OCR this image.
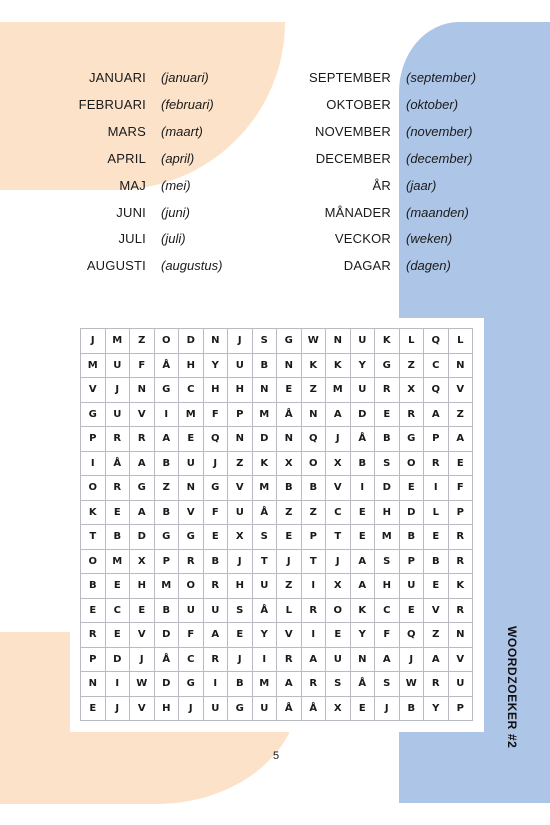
JANUARI (januari)
FEBRUARI (februari)
MARS (maart)
APRIL (april)
MAJ (mei)
JUNI (juni)
JULI (juli)
AUGUSTI (augustus)
SEPTEMBER (september)
OKTOBER (oktober)
NOVEMBER (november)
DECEMBER (december)
ÅR (jaar)
MÅNADER (maanden)
VECKOR (weken)
DAGAR (dagen)
J	M	Z	O	D	N	J	S	G	W	N	U	K	L	Q	L
M	U	F	Å	H	Y	U	B	N	K	K	Y	G	Z	C	N
V	J	N	G	C	H	H	N	E	Z	M	U	R	X	Q	V
G	U	V	I	M	F	P	M	Å	N	A	D	E	R	A	Z
P	R	R	A	E	Q	N	D	N	Q	J	Å	B	G	P	A
I	Å	A	B	U	J	Z	K	X	O	X	B	S	O	R	E
O	R	G	Z	N	G	V	M	B	B	V	I	D	E	I	F
K	E	A	B	V	F	U	Å	Z	Z	C	E	H	D	L	P
T	B	D	G	G	E	X	S	E	P	T	E	M	B	E	R
O	M	X	P	R	B	J	T	J	T	J	A	S	P	B	R
B	E	H	M	O	R	H	U	Z	I	X	A	H	U	E	K
E	C	E	B	U	U	S	Å	L	R	O	K	C	E	V	R
R	E	V	D	F	A	E	Y	V	I	E	Y	F	Q	Z	N
P	D	J	Å	C	R	J	I	R	A	U	N	A	J	A	V
N	I	W	D	G	I	B	M	A	R	S	Å	S	W	R	U
E	J	V	H	J	U	G	U	Å	Å	X	E	J	B	Y	P	WOORDZOEKER #2
5
